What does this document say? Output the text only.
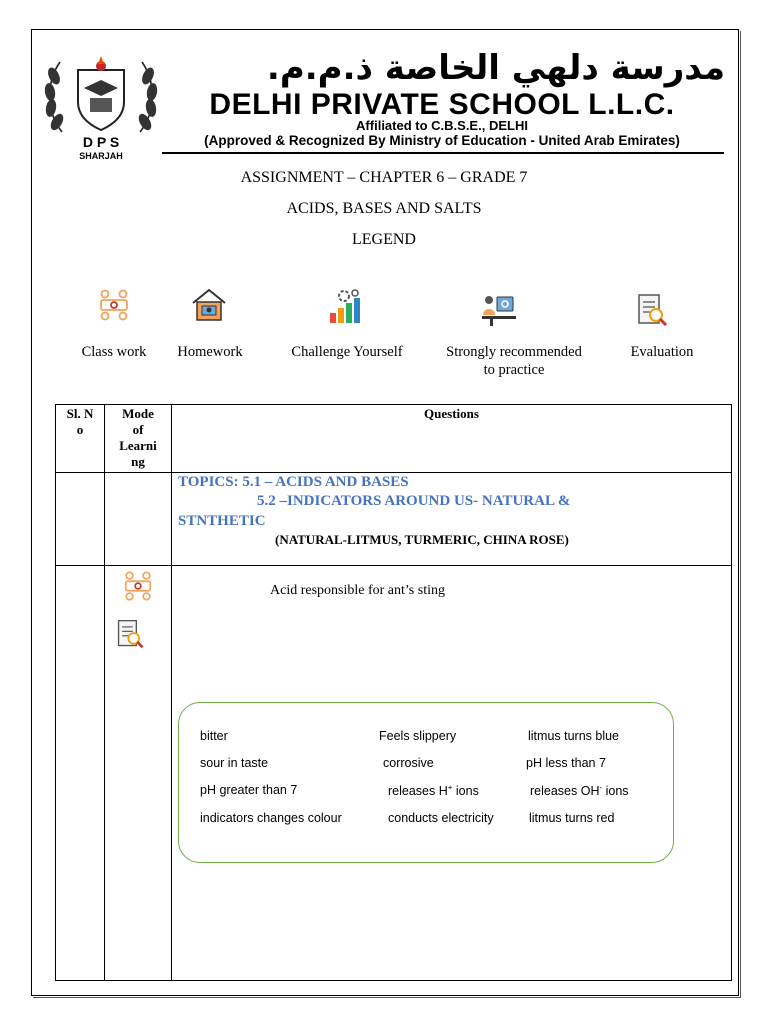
D P S
SHARJAH
مدرسة دلهي الخاصة ذ.م.م.
DELHI PRIVATE SCHOOL L.L.C.
Affiliated to C.B.S.E., DELHI
(Approved & Recognized By Ministry of Education - United Arab Emirates)
ASSIGNMENT – CHAPTER 6 – GRADE 7
ACIDS, BASES AND SALTS
LEGEND
Class work	Homework	Challenge Yourself	Strongly recommended
to practice
Evaluation
Sl. N
o
Mode
of
Learni
ng
Questions
TOPICS: 5.1 – ACIDS AND BASES
5.2 –INDICATORS AROUND US- NATURAL &
STNTHETIC
(NATURAL-LITMUS, TURMERIC, CHINA ROSE)
Acid responsible for ant’s sting
bitter	Feels slippery	litmus turns blue
sour in taste	corrosive	pH less than 7
pH greater than 7	releases H+ ions	releases OH- ions
indicators changes colour	conducts electricity	litmus turns red
